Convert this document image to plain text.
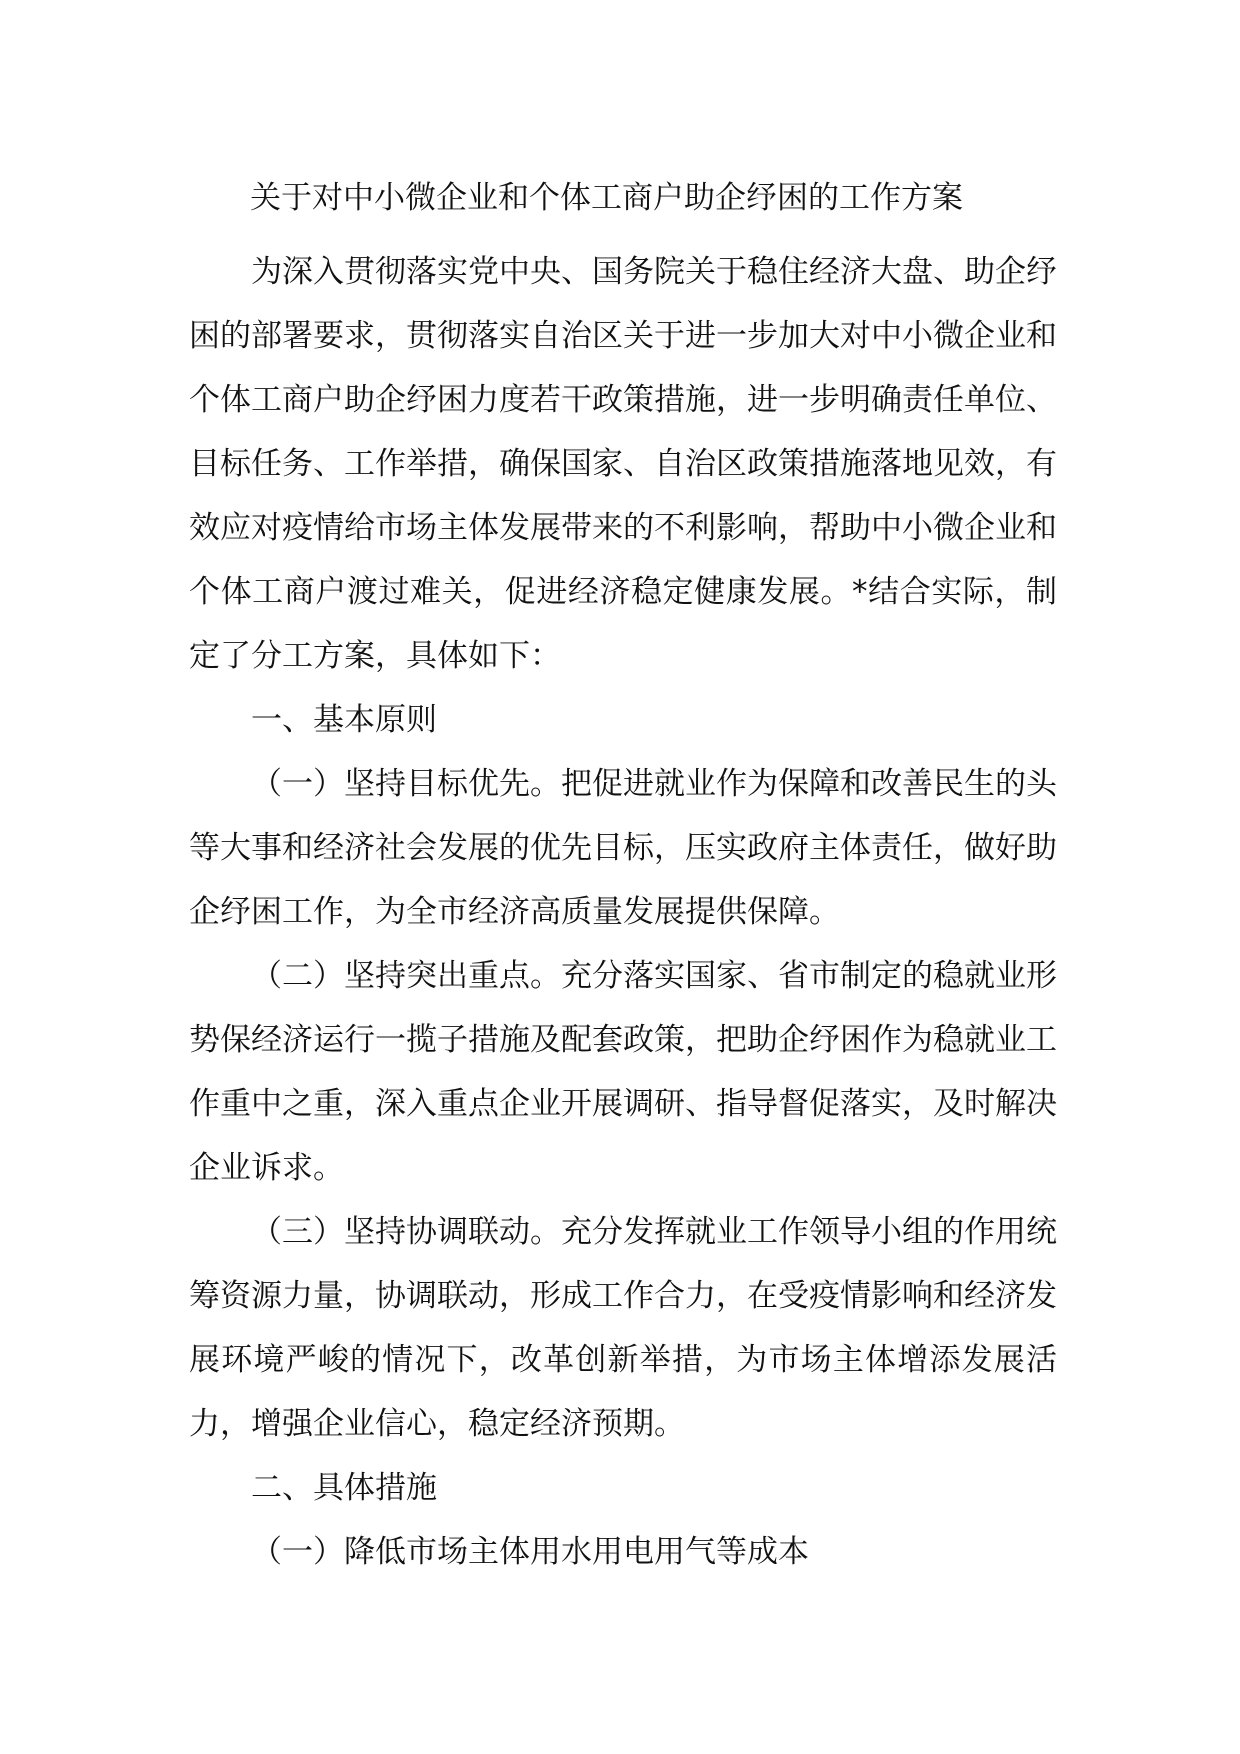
关于对中小微企业和个体工商户助企纾困的工作方案

为深入贯彻落实党中央、国务院关于稳住经济大盘、助企纾困的部署要求，贯彻落实自治区关于进一步加大对中小微企业和个体工商户助企纾困力度若干政策措施，进一步明确责任单位、目标任务、工作举措，确保国家、自治区政策措施落地见效，有效应对疫情给市场主体发展带来的不利影响，帮助中小微企业和个体工商户渡过难关，促进经济稳定健康发展。*结合实际，制定了分工方案，具体如下：

一、基本原则

（一）坚持目标优先。把促进就业作为保障和改善民生的头等大事和经济社会发展的优先目标，压实政府主体责任，做好助企纾困工作，为全市经济高质量发展提供保障。

（二）坚持突出重点。充分落实国家、省市制定的稳就业形势保经济运行一揽子措施及配套政策，把助企纾困作为稳就业工作重中之重，深入重点企业开展调研、指导督促落实，及时解决企业诉求。

（三）坚持协调联动。充分发挥就业工作领导小组的作用统筹资源力量，协调联动，形成工作合力，在受疫情影响和经济发展环境严峻的情况下，改革创新举措，为市场主体增添发展活力，增强企业信心，稳定经济预期。

二、具体措施

（一）降低市场主体用水用电用气等成本
